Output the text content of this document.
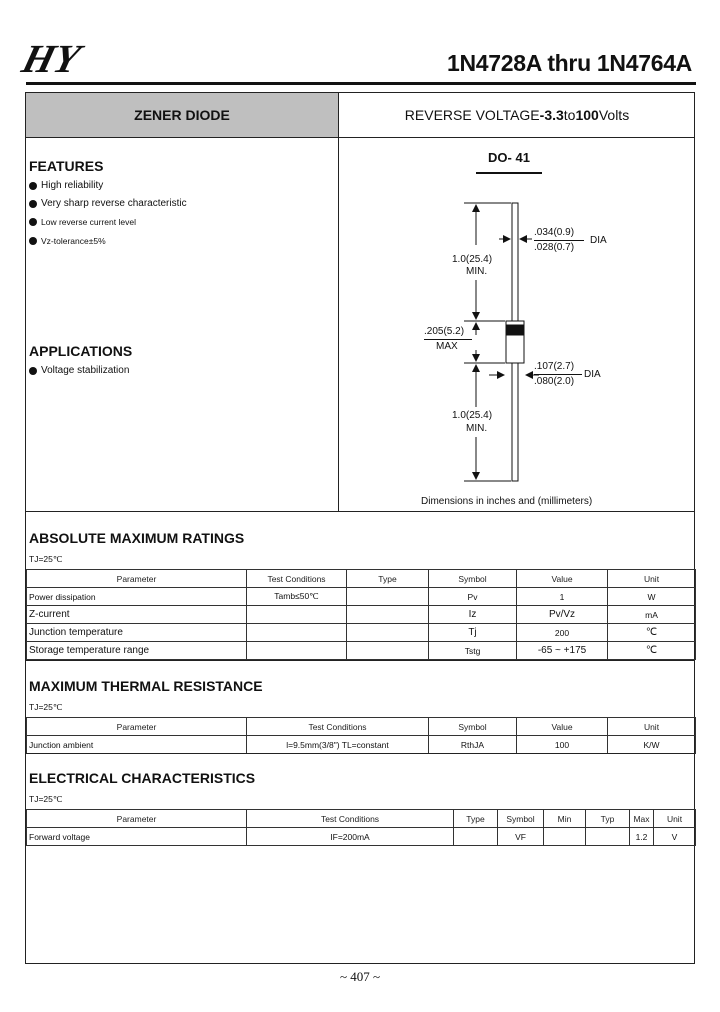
HY	1N4728A thru 1N4764A
ZENER DIODE	REVERSE VOLTAGE - 3.3 to 100 Volts
FEATURES
High reliability
Very sharp reverse characteristic
Low reverse current level
Vz-tolerance±5%
APPLICATIONS
Voltage stabilization
DO- 41
.034(0.9)
.028(0.7)
DIA
1.0(25.4)
MIN.
.205(5.2)
MAX
.107(2.7)
.080(2.0)
DIA
1.0(25.4)
MIN.
Dimensions in inches and (millimeters)
ABSOLUTE MAXIMUM RATINGS
TJ=25℃
Parameter	Test Conditions	Type	Symbol	Value	Unit
Power dissipation	Tamb≤50℃		Pv	1	W
Z-current			Iz	Pv/Vz	mA
Junction temperature			Tj	200	℃
Storage temperature range			Tstg	-65 ~ +175	℃
MAXIMUM THERMAL RESISTANCE
TJ=25℃
Parameter	Test Conditions	Symbol	Value	Unit
Junction ambient	l=9.5mm(3/8") TL=constant	RthJA	100	K/W
ELECTRICAL CHARACTERISTICS
TJ=25℃
Parameter	Test Conditions	Type	Symbol	Min	Typ	Max	Unit
Forward voltage	IF=200mA		VF			1.2	V
~ 407 ~
